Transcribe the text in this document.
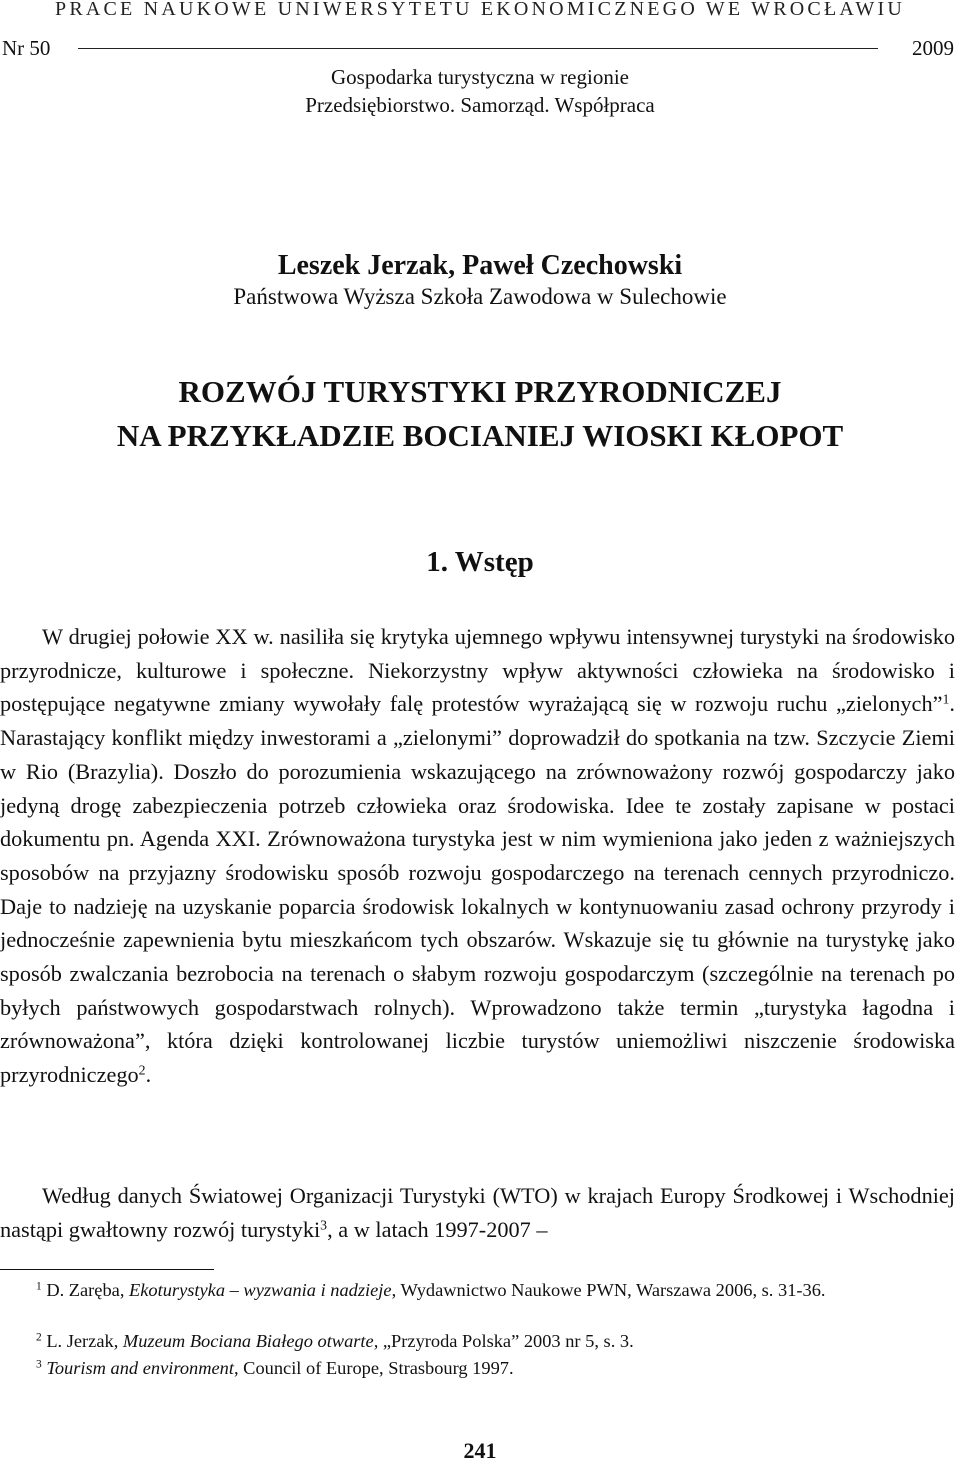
PRACE NAUKOWE UNIWERSYTETU EKONOMICZNEGO WE WROCŁAWIU
Nr 50	2009
Gospodarka turystyczna w regionie
Przedsiębiorstwo. Samorząd. Współpraca
Leszek Jerzak, Paweł Czechowski
Państwowa Wyższa Szkoła Zawodowa w Sulechowie
ROZWÓJ TURYSTYKI PRZYRODNICZEJ
NA PRZYKŁADZIE BOCIANIEJ WIOSKI KŁOPOT
1. Wstęp
W drugiej połowie XX w. nasiliła się krytyka ujemnego wpływu intensywnej turystyki na środowisko przyrodnicze, kulturowe i społeczne. Niekorzystny wpływ aktywności człowieka na środowisko i postępujące negatywne zmiany wywołały falę protestów wyrażającą się w rozwoju ruchu „zielonych”$^1$. Narastający konflikt między inwestorami a „zielonymi” doprowadził do spotkania na tzw. Szczycie Ziemi w Rio (Brazylia). Doszło do porozumienia wskazującego na zrównoważony rozwój gospodarczy jako jedyną drogę zabezpieczenia potrzeb człowieka oraz środowiska. Idee te zostały zapisane w postaci dokumentu pn. Agenda XXI. Zrównoważona turystyka jest w nim wymieniona jako jeden z ważniejszych sposobów na przyjazny środowisku sposób rozwoju gospodarczego na terenach cennych przyrodniczo. Daje to nadzieję na uzyskanie poparcia środowisk lokalnych w kontynuowaniu zasad ochrony przyrody i jednocześnie zapewnienia bytu mieszkańcom tych obszarów. Wskazuje się tu głównie na turystykę jako sposób zwalczania bezrobocia na terenach o słabym rozwoju gospodarczym (szczególnie na terenach po byłych państwowych gospodarstwach rolnych). Wprowadzono także termin „turystyka łagodna i zrównoważona”, która dzięki kontrolowanej liczbie turystów uniemożliwi niszczenie środowiska przyrodniczego$^2$.
Według danych Światowej Organizacji Turystyki (WTO) w krajach Europy Środkowej i Wschodniej nastąpi gwałtowny rozwój turystyki$^3$, a w latach 1997-2007 –
$^1$ D. Zaręba, Ekoturystyka – wyzwania i nadzieje, Wydawnictwo Naukowe PWN, Warszawa 2006, s. 31-36.
$^2$ L. Jerzak, Muzeum Bociana Białego otwarte, „Przyroda Polska” 2003 nr 5, s. 3.
$^3$ Tourism and environment, Council of Europe, Strasbourg 1997.
241
